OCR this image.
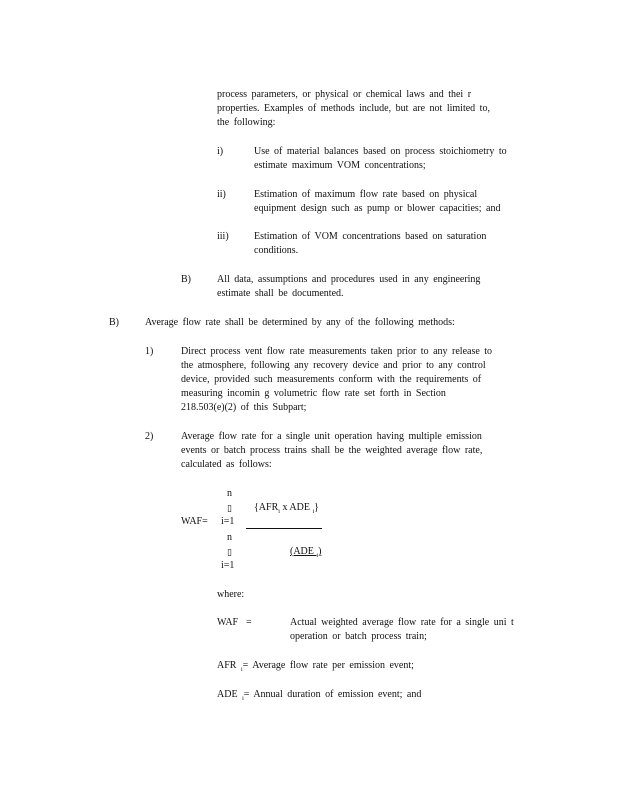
process parameters, or physical or chemical laws and thei r
properties. Examples of methods include, but are not limited to,
the following:
i)	Use of material balances based on process stoichiometry to
estimate maximum VOM concentrations;
ii)	Estimation of maximum flow rate based on physical
equipment design such as pump or blower capacities; and
iii)	Estimation of VOM concentrations based on saturation
conditions.
B)	All data, assumptions and procedures used in any engineering
estimate shall be documented.
B)	Average flow rate shall be determined by any of the following methods:
1)	Direct process vent flow rate measurements taken prior to any release to
the atmosphere, following any recovery device and prior to any control
device, provided such measurements conform with the requirements of
measuring incomin g volumetric flow rate set forth in Section
218.503(e)(2) of this Subpart;
2)	Average flow rate for a single unit operation having multiple emission
events or batch process trains shall be the weighted average flow rate,
calculated as follows:
n
▯ {$AFR_i$ x ADE $_i$}
WAF= i=1
n
▯	(ADE $_i$)
i=1
where:
WAF =	Actual weighted average flow rate for a single uni t
operation or batch process train;
AFR $_i$= Average flow rate per emission event;
ADE $_i$= Annual duration of emission event; and
